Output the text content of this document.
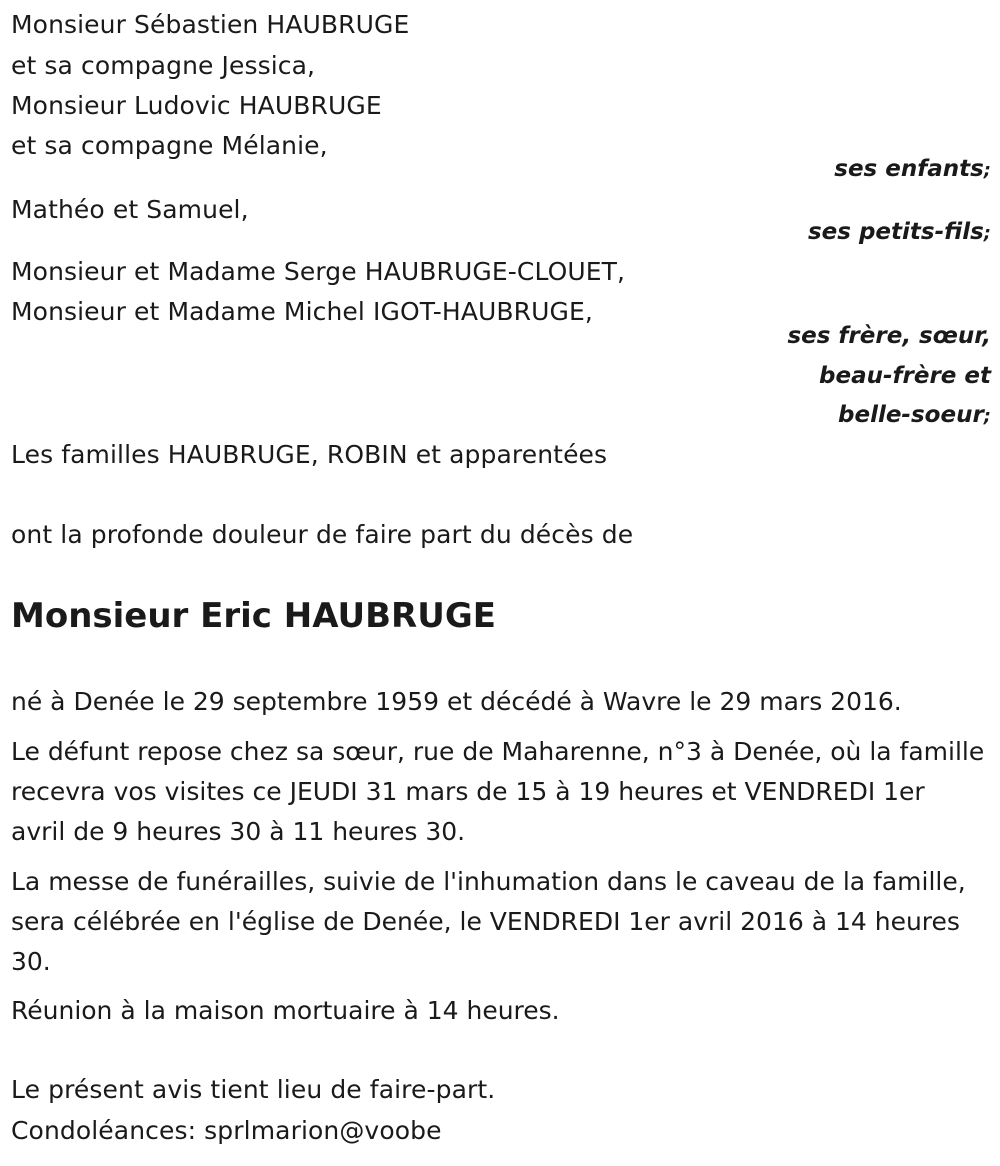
Monsieur Sébastien HAUBRUGE
et sa compagne Jessica,
Monsieur Ludovic HAUBRUGE
et sa compagne Mélanie,
ses enfants;
Mathéo et Samuel,
ses petits-fils;
Monsieur et Madame Serge HAUBRUGE-CLOUET,
Monsieur et Madame Michel IGOT-HAUBRUGE,
ses frère, sœur,
beau-frère et
belle-soeur;
Les familles HAUBRUGE, ROBIN et apparentées
ont la profonde douleur de faire part du décès de
Monsieur Eric HAUBRUGE
né à Denée le 29 septembre 1959 et décédé à Wavre le 29 mars 2016.
Le défunt repose chez sa sœur, rue de Maharenne, n°3 à Denée, où la famille recevra vos visites ce JEUDI 31 mars de 15 à 19 heures et VENDREDI 1er avril de 9 heures 30 à 11 heures 30.
La messe de funérailles, suivie de l'inhumation dans le caveau de la famille, sera célébrée en l'église de Denée, le VENDREDI 1er avril 2016 à 14 heures 30.
Réunion à la maison mortuaire à 14 heures.
Le présent avis tient lieu de faire-part.
Condoléances: sprlmarion@voobe
